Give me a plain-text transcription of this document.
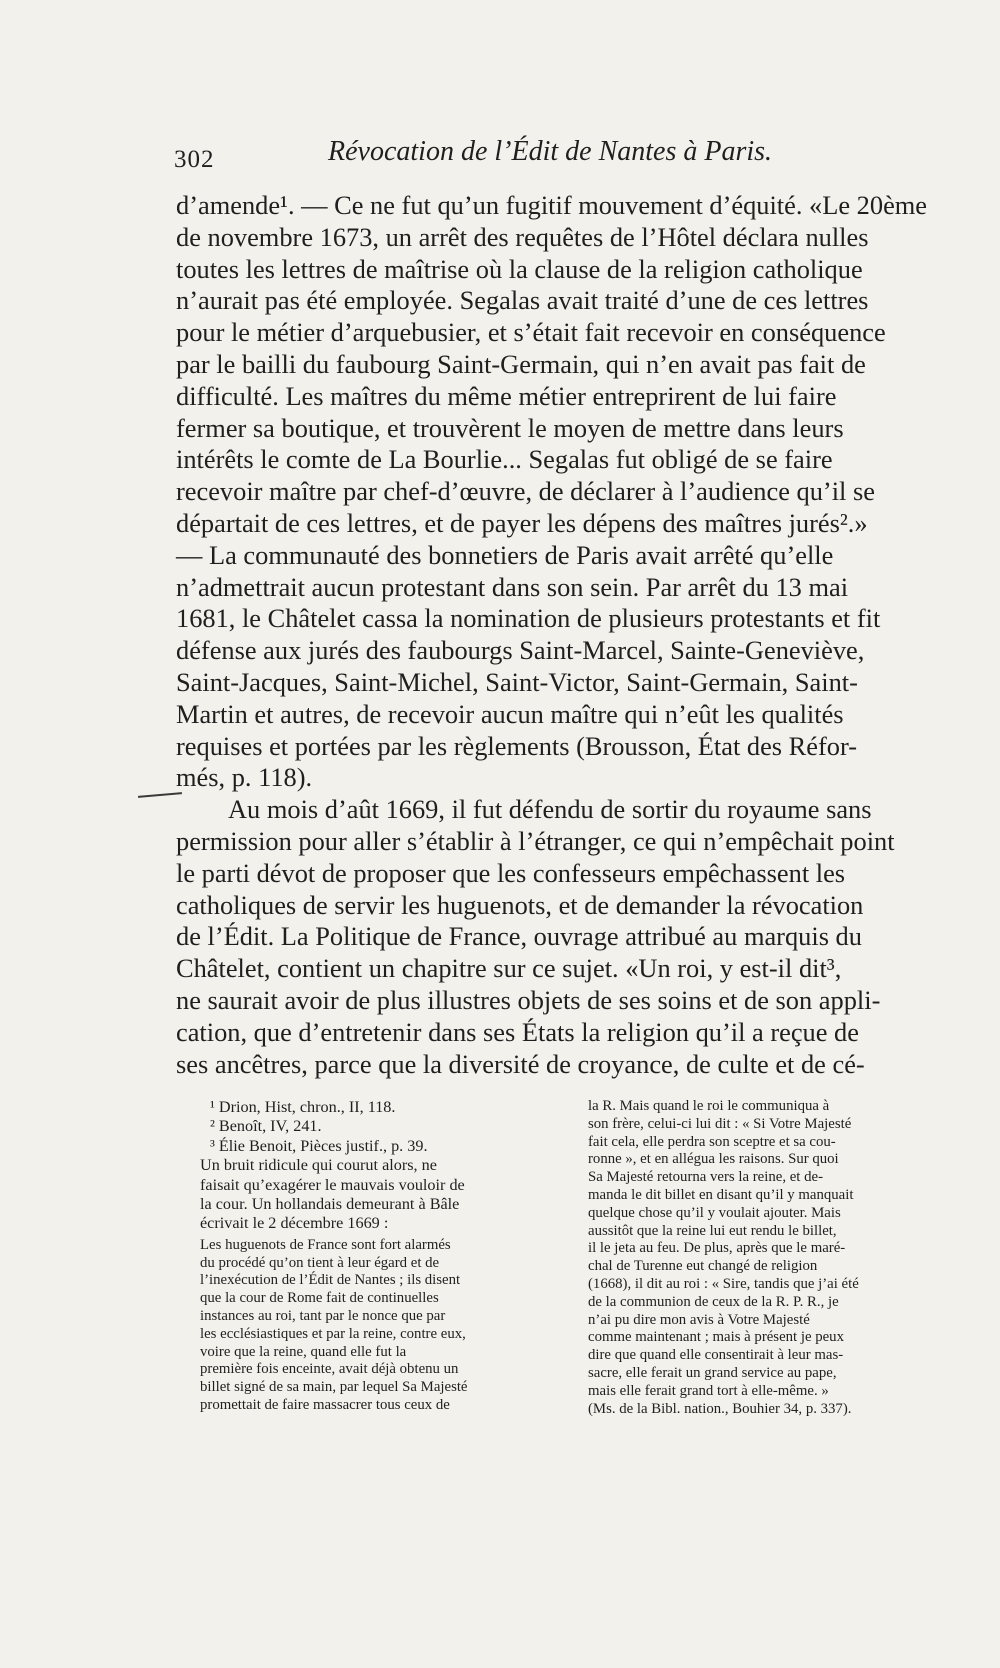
302	Révocation de l’Édit de Nantes à Paris.
d’amende¹. — Ce ne fut qu’un fugitif mouvement d’équité. «Le 20ème
de novembre 1673, un arrêt des requêtes de l’Hôtel déclara nulles
toutes les lettres de maîtrise où la clause de la religion catholique
n’aurait pas été employée. Segalas avait traité d’une de ces lettres
pour le métier d’arquebusier, et s’était fait recevoir en conséquence
par le bailli du faubourg Saint-Germain, qui n’en avait pas fait de
difficulté. Les maîtres du même métier entreprirent de lui faire
fermer sa boutique, et trouvèrent le moyen de mettre dans leurs
intérêts le comte de La Bourlie... Segalas fut obligé de se faire
recevoir maître par chef-d’œuvre, de déclarer à l’audience qu’il se
départait de ces lettres, et de payer les dépens des maîtres jurés².»
— La communauté des bonnetiers de Paris avait arrêté qu’elle
n’admettrait aucun protestant dans son sein. Par arrêt du 13 mai
1681, le Châtelet cassa la nomination de plusieurs protestants et fit
défense aux jurés des faubourgs Saint-Marcel, Sainte-Geneviève,
Saint-Jacques, Saint-Michel, Saint-Victor, Saint-Germain, Saint-
Martin et autres, de recevoir aucun maître qui n’eût les qualités
requises et portées par les règlements (Brousson, État des Réfor-
més, p. 118).
Au mois d’aût 1669, il fut défendu de sortir du royaume sans
permission pour aller s’établir à l’étranger, ce qui n’empêchait point
le parti dévot de proposer que les confesseurs empêchassent les
catholiques de servir les huguenots, et de demander la révocation
de l’Édit. La Politique de France, ouvrage attribué au marquis du
Châtelet, contient un chapitre sur ce sujet. «Un roi, y est-il dit³,
ne saurait avoir de plus illustres objets de ses soins et de son appli-
cation, que d’entretenir dans ses États la religion qu’il a reçue de
ses ancêtres, parce que la diversité de croyance, de culte et de cé-
¹ Drion, Hist, chron., II, 118.
² Benoît, IV, 241.
³ Élie Benoit, Pièces justif., p. 39.
Un bruit ridicule qui courut alors, ne
faisait qu’exagérer le mauvais vouloir de
la cour. Un hollandais demeurant à Bâle
écrivait le 2 décembre 1669 :
Les huguenots de France sont fort alarmés
du procédé qu’on tient à leur égard et de
l’inexécution de l’Édit de Nantes ; ils disent
que la cour de Rome fait de continuelles
instances au roi, tant par le nonce que par
les ecclésiastiques et par la reine, contre eux,
voire que la reine, quand elle fut la
première fois enceinte, avait déjà obtenu un
billet signé de sa main, par lequel Sa Majesté
promettait de faire massacrer tous ceux de
la R. Mais quand le roi le communiqua à
son frère, celui-ci lui dit : « Si Votre Majesté
fait cela, elle perdra son sceptre et sa cou-
ronne », et en allégua les raisons. Sur quoi
Sa Majesté retourna vers la reine, et de-
manda le dit billet en disant qu’il y manquait
quelque chose qu’il y voulait ajouter. Mais
aussitôt que la reine lui eut rendu le billet,
il le jeta au feu. De plus, après que le maré-
chal de Turenne eut changé de religion
(1668), il dit au roi : « Sire, tandis que j’ai été
de la communion de ceux de la R. P. R., je
n’ai pu dire mon avis à Votre Majesté
comme maintenant ; mais à présent je peux
dire que quand elle consentirait à leur mas-
sacre, elle ferait un grand service au pape,
mais elle ferait grand tort à elle-même. »
(Ms. de la Bibl. nation., Bouhier 34, p. 337).
